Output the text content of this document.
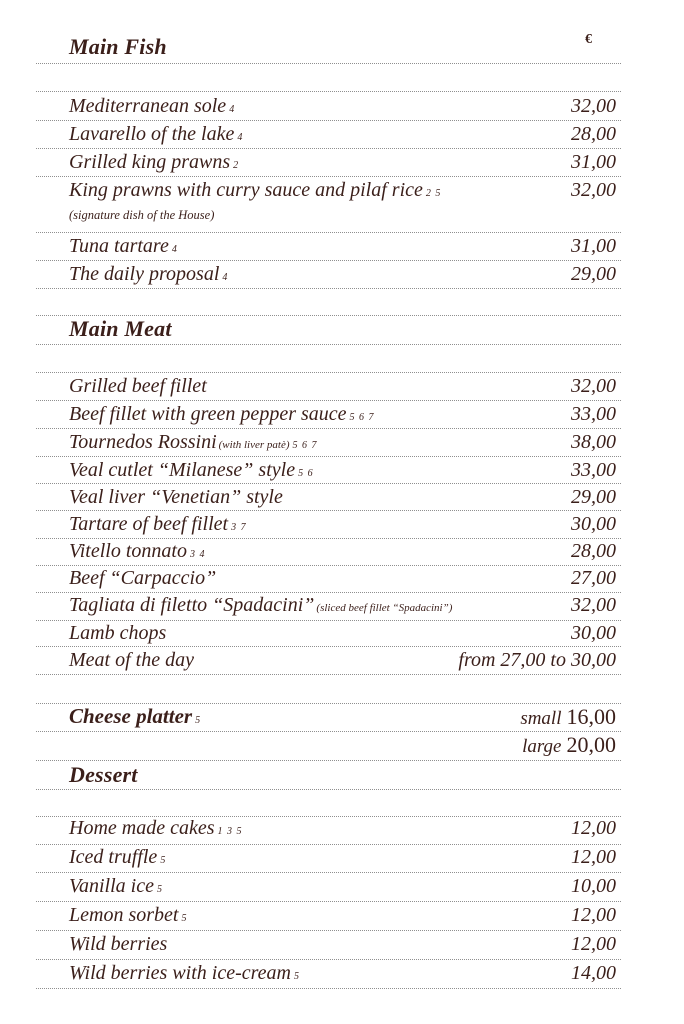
Main Fish	€
Mediterranean sole 4	32,00
Lavarello of the lake 4	28,00
Grilled king prawns 2	31,00
King prawns with curry sauce and pilaf rice 2 5	32,00
(signature dish of the House)
Tuna tartare 4	31,00
The daily proposal 4	29,00
Main Meat
Grilled beef fillet	32,00
Beef fillet with green pepper sauce 5 6 7	33,00
Tournedos Rossini (with liver patè) 5 6 7	38,00
Veal cutlet “Milanese” style 5 6	33,00
Veal liver “Venetian” style	29,00
Tartare of beef fillet 3 7	30,00
Vitello tonnato 3 4	28,00
Beef “Carpaccio”	27,00
Tagliata di filetto “Spadacini” (sliced beef fillet “Spadacini”)	32,00
Lamb chops	30,00
Meat of the day	from 27,00 to 30,00
Cheese platter 5	small 16,00
large 20,00
Dessert
Home made cakes 1 3 5	12,00
Iced truffle 5	12,00
Vanilla ice 5	10,00
Lemon sorbet 5	12,00
Wild berries	12,00
Wild berries with ice-cream 5	14,00
